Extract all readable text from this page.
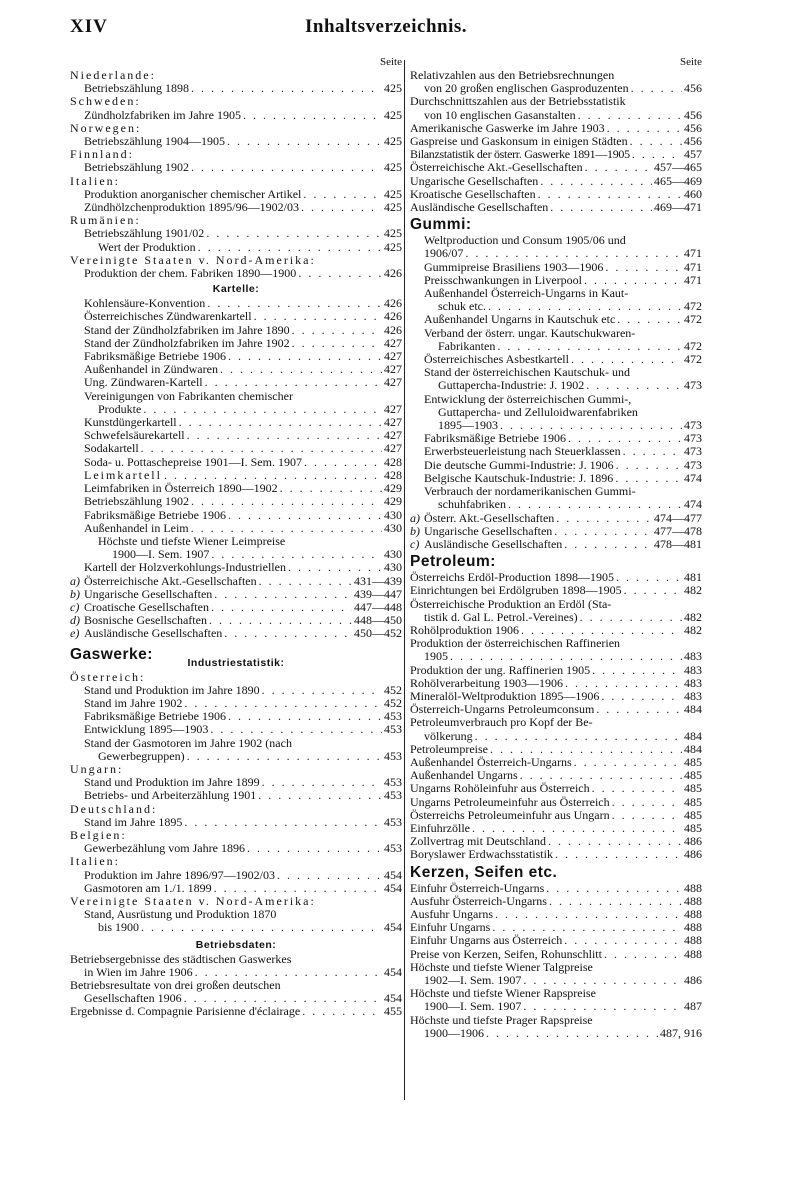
Inhaltsverzeichnis.
XIV
Seite
Niederlande:
Betriebszählung 1898 . . .	425
Schweden:
Zündholzfabriken im Jahre 1905 . . .	425
Norwegen:
Betriebszählung 1904—1905 . . .	425
Finnland:
Betriebszählung 1902 . . .	425
Italien:
Produktion anorganischer chemischer Artikel . . .	425
Zündhölzchenproduktion 1895/96—1902/03 . . .	425
Rumänien:
Betriebszählung 1901/02 . . .	425
Wert der Produktion . . .	425
Vereinigte Staaten v. Nord-Amerika:
Produktion der chem. Fabriken 1890—1900 . . .	426
Kartelle:
Kohlensäure-Konvention . . .	426
Österreichisches Zündwarenkartell . . .	426
Stand der Zündholzfabriken im Jahre 1890 . . .	426
Stand der Zündholzfabriken im Jahre 1902 . . .	427
Fabriksmäßige Betriebe 1906 . . .	427
Außenhandel in Zündwaren . . .	427
Ung. Zündwaren-Kartell . . .	427
Vereinigungen von Fabrikanten chemischer
Produkte . . .	427
Kunstdüngerkartell . . .	427
Schwefelsäurekartell . . .	427
Sodakartell . . .	427
Soda- u. Pottaschepreise 1901—I. Sem. 1907 . . .	428
Leimkartell . . .	428
Leimfabriken in Österreich 1890—1902 . . .	429
Betriebszählung 1902 . . .	429
Fabriksmäßige Betriebe 1906 . . .	430
Außenhandel in Leim . . .	430
Höchste und tiefste Wiener Leimpreise
1900—I. Sem. 1907 . . .	430
Kartell der Holzverkohlungs-Industriellen . . .	430
a) Österreichische Akt.-Gesellschaften . . .	431—439
b) Ungarische Gesellschaften . . .	439—447
c) Croatische Gesellschaften . . .	447—448
d) Bosnische Gesellschaften . . .	448—450
e) Ausländische Gesellschaften . . .	450—452
Gaswerke:	Industriestatistik:
Österreich:
Stand und Produktion im Jahre 1890 . . .	452
Stand im Jahre 1902 . . .	452
Fabriksmäßige Betriebe 1906 . . .	453
Entwicklung 1895—1903 . . .	453
Stand der Gasmotoren im Jahre 1902 (nach
Gewerbegruppen) . . .	453
Ungarn:
Stand und Produktion im Jahre 1899 . . .	453
Betriebs- und Arbeiterzählung 1901 . . .	453
Deutschland:
Stand im Jahre 1895 . . .	453
Belgien:
Gewerbezählung vom Jahre 1896 . . .	453
Italien:
Produktion im Jahre 1896/97—1902/03 . . .	454
Gasmotoren am 1./1. 1899 . . .	454
Vereinigte Staaten v. Nord-Amerika:
Stand, Ausrüstung und Produktion 1870
bis 1900 . . .	454
Betriebsdaten:
Betriebsergebnisse des städtischen Gaswerkes
in Wien im Jahre 1906 . . .	454
Betriebsresultate von drei großen deutschen
Gesellschaften 1906 . . .	454
Ergebnisse d. Compagnie Parisienne d'éclairage . . .	455
Seite
Relativzahlen aus den Betriebsrechnungen
von 20 großen englischen Gasproduzenten . . .	456
Durchschnittszahlen aus der Betriebsstatistik
von 10 englischen Gasanstalten . . .	456
Amerikanische Gaswerke im Jahre 1903 . . .	456
Gaspreise und Gaskonsum in einigen Städten . . .	456
Bilanzstatistik der österr. Gaswerke 1891—1905 . . .	457
Österreichische Akt.-Gesellschaften . . .	457—465
Ungarische Gesellschaften . . .	465—469
Kroatische Gesellschaften . . .	460
Ausländische Gesellschaften . . .	469—471
Gummi:
Weltproduction und Consum 1905/06 und
1906/07 . . .	471
Gummipreise Brasiliens 1903—1906 . . .	471
Preisschwankungen in Liverpool . . .	471
Außenhandel Österreich-Ungarns in Kaut-
schuk etc. . . .	472
Außenhandel Ungarns in Kautschuk etc . . .	472
Verband der österr. ungar. Kautschukwaren-
Fabrikanten . . .	472
Österreichisches Asbestkartell . . .	472
Stand der österreichischen Kautschuk- und
Guttapercha-Industrie: J. 1902 . . .	473
Entwicklung der österreichischen Gummi-,
Guttapercha- und Zelluloidwarenfabriken
1895—1903 . . .	473
Fabriksmäßige Betriebe 1906 . . .	473
Erwerbsteuerleistung nach Steuerklassen . . .	473
Die deutsche Gummi-Industrie: J. 1906 . . .	473
Belgische Kautschuk-Industrie: J. 1896 . . .	474
Verbrauch der nordamerikanischen Gummi-
schuhfabriken . . .	474
a) Österr. Akt.-Gesellschaften . . .	474—477
b) Ungarische Gesellschaften . . .	477—478
c) Ausländische Gesellschaften . . .	478—481
Petroleum:
Österreichs Erdöl-Production 1898—1905 . . .	481
Einrichtungen bei Erdölgruben 1898—1905 . . .	482
Österreichische Produktion an Erdöl (Sta-
tistik d. Gal L. Petrol.-Vereines) . . .	482
Rohölproduktion 1906 . . .	482
Produktion der österreichischen Raffinerien
1905 . . .	483
Produktion der ung. Raffinerien 1905 . . .	483
Rohölverarbeitung 1903—1906 . . .	483
Mineralöl-Weltproduktion 1895—1906 . . .	483
Österreich-Ungarns Petroleumconsum . . .	484
Petroleumverbrauch pro Kopf der Be-
völkerung . . .	484
Petroleumpreise . . .	484
Außenhandel Österreich-Ungarns . . .	485
Außenhandel Ungarns . . .	485
Ungarns Rohöleinfuhr aus Österreich . . .	485
Ungarns Petroleumeinfuhr aus Österreich . . .	485
Österreichs Petroleumeinfuhr aus Ungarn . . .	485
Einfuhrzölle . . .	485
Zollvertrag mit Deutschland . . .	486
Boryslawer Erdwachsstatistik . . .	486
Kerzen, Seifen etc.
Einfuhr Österreich-Ungarns . . .	488
Ausfuhr Österreich-Ungarns . . .	488
Ausfuhr Ungarns . . .	488
Einfuhr Ungarns . . .	488
Einfuhr Ungarns aus Österreich . . .	488
Preise von Kerzen, Seifen, Rohunschlitt . . .	488
Höchste und tiefste Wiener Talgpreise
1902—I. Sem. 1907 . . .	486
Höchste und tiefste Wiener Rapspreise
1900—I. Sem. 1907 . . .	487
Höchste und tiefste Prager Rapspreise
1900—1906 . . .	487, 916
